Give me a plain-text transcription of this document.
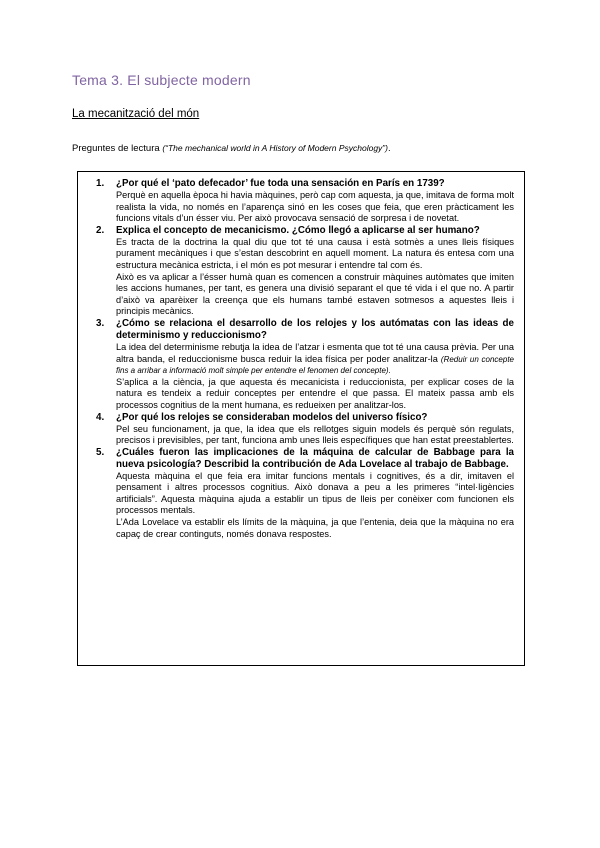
Tema 3. El subjecte modern
La mecanització del món
Preguntes de lectura (“The mechanical world in A History of Modern Psychology”).
1. ¿Por qué el ‘pato defecador’ fue toda una sensación en París en 1739?

Perquè en aquella època hi havia màquines, però cap com aquesta, ja que, imitava de forma molt realista la vida, no només en l’aparença sinó en les coses que feia, que eren pràcticament les funcions vitals d’un ésser viu. Per això provocava sensació de sorpresa i de novetat.

2. Explica el concepto de mecanicismo. ¿Cómo llegó a aplicarse al ser humano?

Es tracta de la doctrina la qual diu que tot té una causa i està sotmès a unes lleis físiques purament mecàniques i que s’estan descobrint en aquell moment. La natura és entesa com una estructura mecànica estricta, i el món es pot mesurar i entendre tal com és.

Això es va aplicar a l’ésser humà quan es comencen a construir màquines autòmates que imiten les accions humanes, per tant, es genera una divisió separant el que té vida i el que no. A partir d’això va aparèixer la creença que els humans també estaven sotmesos a aquestes lleis i principis mecànics.

3. ¿Cómo se relaciona el desarrollo de los relojes y los autómatas con las ideas de determinismo y reduccionismo?

La idea del determinisme rebutja la idea de l’atzar i esmenta que tot té una causa prèvia. Per una altra banda, el reduccionisme busca reduir la idea física per poder analitzar-la (Reduir un concepte fins a arribar a informació molt simple per entendre el fenomen del concepte).

S’aplica a la ciència, ja que aquesta és mecanicista i reduccionista, per explicar coses de la natura es tendeix a reduir conceptes per entendre el que passa. El mateix passa amb els processos cognitius de la ment humana, es redueixen per analitzar-los.

4. ¿Por qué los relojes se consideraban modelos del universo físico?

Pel seu funcionament, ja que, la idea que els rellotges siguin models és perquè són regulats, precisos i previsibles, per tant, funciona amb unes lleis específiques que han estat preestablertes.

5. ¿Cuáles fueron las implicaciones de la máquina de calcular de Babbage para la nueva psicología? Describid la contribución de Ada Lovelace al trabajo de Babbage.

Aquesta màquina el que feia era imitar funcions mentals i cognitives, és a dir, imitaven el pensament i altres processos cognitius. Això donava a peu a les primeres “intel·ligències artificials”. Aquesta màquina ajuda a establir un tipus de lleis per conèixer com funcionen els processos mentals.

L’Ada Lovelace va establir els límits de la màquina, ja que l’entenia, deia que la màquina no era capaç de crear continguts, només donava respostes.
